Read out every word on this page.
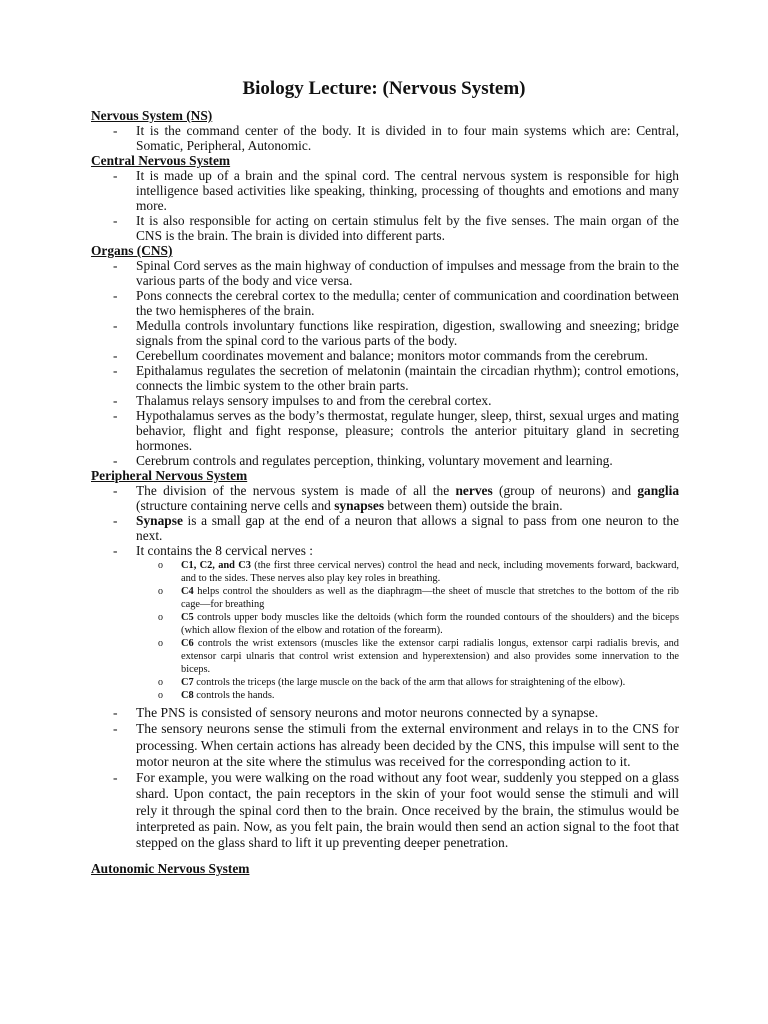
Biology Lecture: (Nervous System)
Nervous System (NS)
- It is the command center of the body. It is divided in to four main systems which are: Central, Somatic, Peripheral, Autonomic.
Central Nervous System
- It is made up of a brain and the spinal cord. The central nervous system is responsible for high intelligence based activities like speaking, thinking, processing of thoughts and emotions and many more.
- It is also responsible for acting on certain stimulus felt by the five senses. The main organ of the CNS is the brain. The brain is divided into different parts.
Organs (CNS)
- Spinal Cord serves as the main highway of conduction of impulses and message from the brain to the various parts of the body and vice versa.
- Pons connects the cerebral cortex to the medulla; center of communication and coordination between the two hemispheres of the brain.
- Medulla controls involuntary functions like respiration, digestion, swallowing and sneezing; bridge signals from the spinal cord to the various parts of the body.
- Cerebellum coordinates movement and balance; monitors motor commands from the cerebrum.
- Epithalamus regulates the secretion of melatonin (maintain the circadian rhythm); control emotions, connects the limbic system to the other brain parts.
- Thalamus relays sensory impulses to and from the cerebral cortex.
- Hypothalamus serves as the body’s thermostat, regulate hunger, sleep, thirst, sexual urges and mating behavior, flight and fight response, pleasure; controls the anterior pituitary gland in secreting hormones.
- Cerebrum controls and regulates perception, thinking, voluntary movement and learning.
Peripheral Nervous System
- The division of the nervous system is made of all the nerves (group of neurons) and ganglia (structure containing nerve cells and synapses between them) outside the brain.
- Synapse is a small gap at the end of a neuron that allows a signal to pass from one neuron to the next.
- It contains the 8 cervical nerves :
o C1, C2, and C3 (the first three cervical nerves) control the head and neck, including movements forward, backward, and to the sides. These nerves also play key roles in breathing.
o C4 helps control the shoulders as well as the diaphragm—the sheet of muscle that stretches to the bottom of the rib cage—for breathing
o C5 controls upper body muscles like the deltoids (which form the rounded contours of the shoulders) and the biceps (which allow flexion of the elbow and rotation of the forearm).
o C6 controls the wrist extensors (muscles like the extensor carpi radialis longus, extensor carpi radialis brevis, and extensor carpi ulnaris that control wrist extension and hyperextension) and also provides some innervation to the biceps.
o C7 controls the triceps (the large muscle on the back of the arm that allows for straightening of the elbow).
o C8 controls the hands.
- The PNS is consisted of sensory neurons and motor neurons connected by a synapse.
- The sensory neurons sense the stimuli from the external environment and relays in to the CNS for processing. When certain actions has already been decided by the CNS, this impulse will sent to the motor neuron at the site where the stimulus was received for the corresponding action to it.
- For example, you were walking on the road without any foot wear, suddenly you stepped on a glass shard. Upon contact, the pain receptors in the skin of your foot would sense the stimuli and will rely it through the spinal cord then to the brain. Once received by the brain, the stimulus would be interpreted as pain. Now, as you felt pain, the brain would then send an action signal to the foot that stepped on the glass shard to lift it up preventing deeper penetration.
Autonomic Nervous System
